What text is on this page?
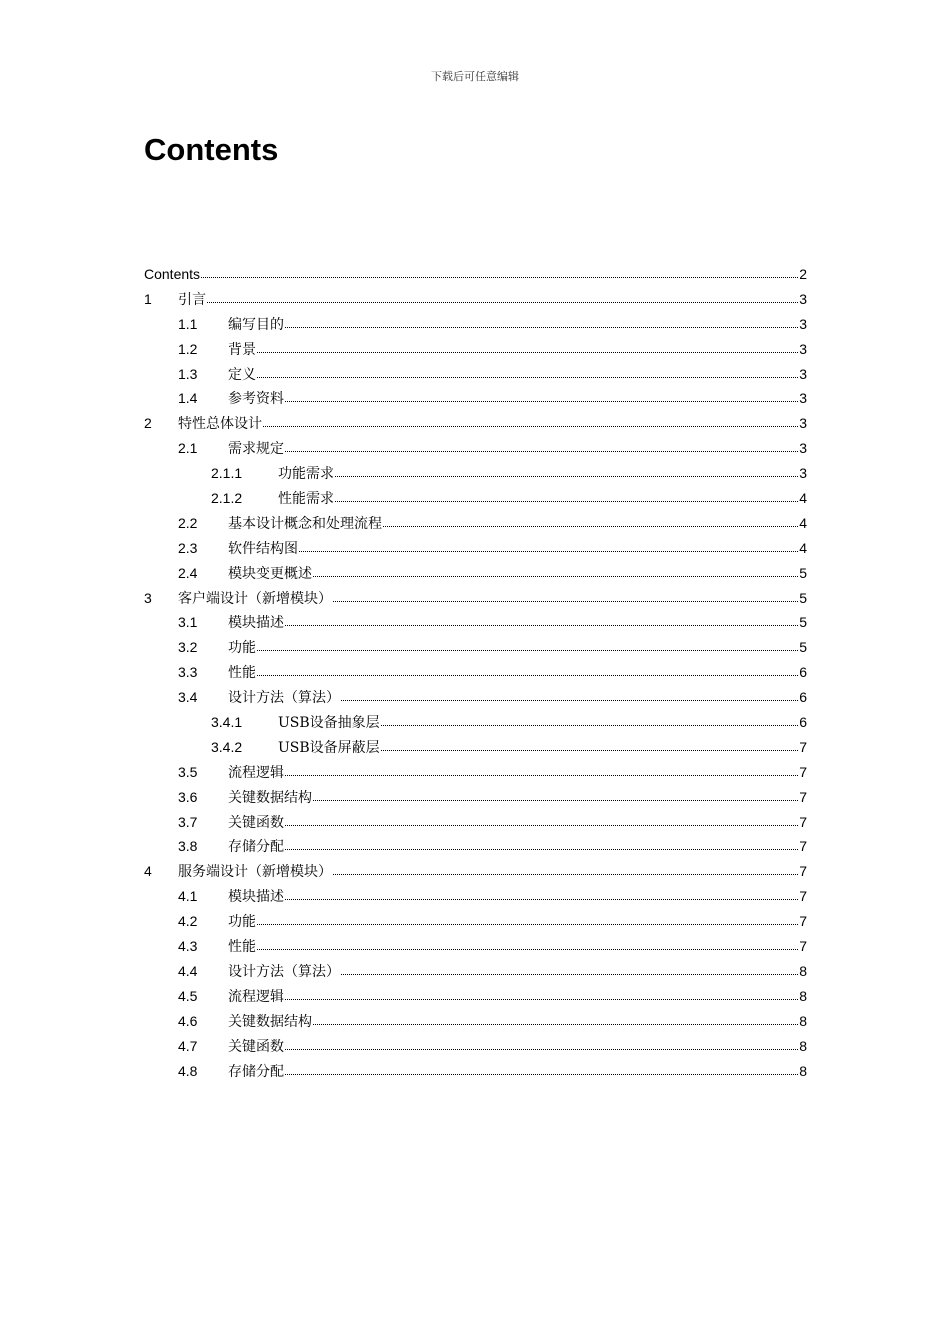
下载后可任意编辑
Contents
Contents	2
1	引言	3
1.1	编写目的	3
1.2	背景	3
1.3	定义	3
1.4	参考资料	3
2	特性总体设计	3
2.1	需求规定	3
2.1.1	功能需求	3
2.1.2	性能需求	4
2.2	基本设计概念和处理流程	4
2.3	软件结构图	4
2.4	模块变更概述	5
3	客户端设计（新增模块）	5
3.1	模块描述	5
3.2	功能	5
3.3	性能	6
3.4	设计方法（算法）	6
3.4.1	USB设备抽象层	6
3.4.2	USB设备屏蔽层	7
3.5	流程逻辑	7
3.6	关键数据结构	7
3.7	关键函数	7
3.8	存储分配	7
4	服务端设计（新增模块）	7
4.1	模块描述	7
4.2	功能	7
4.3	性能	7
4.4	设计方法（算法）	8
4.5	流程逻辑	8
4.6	关键数据结构	8
4.7	关键函数	8
4.8	存储分配	8
